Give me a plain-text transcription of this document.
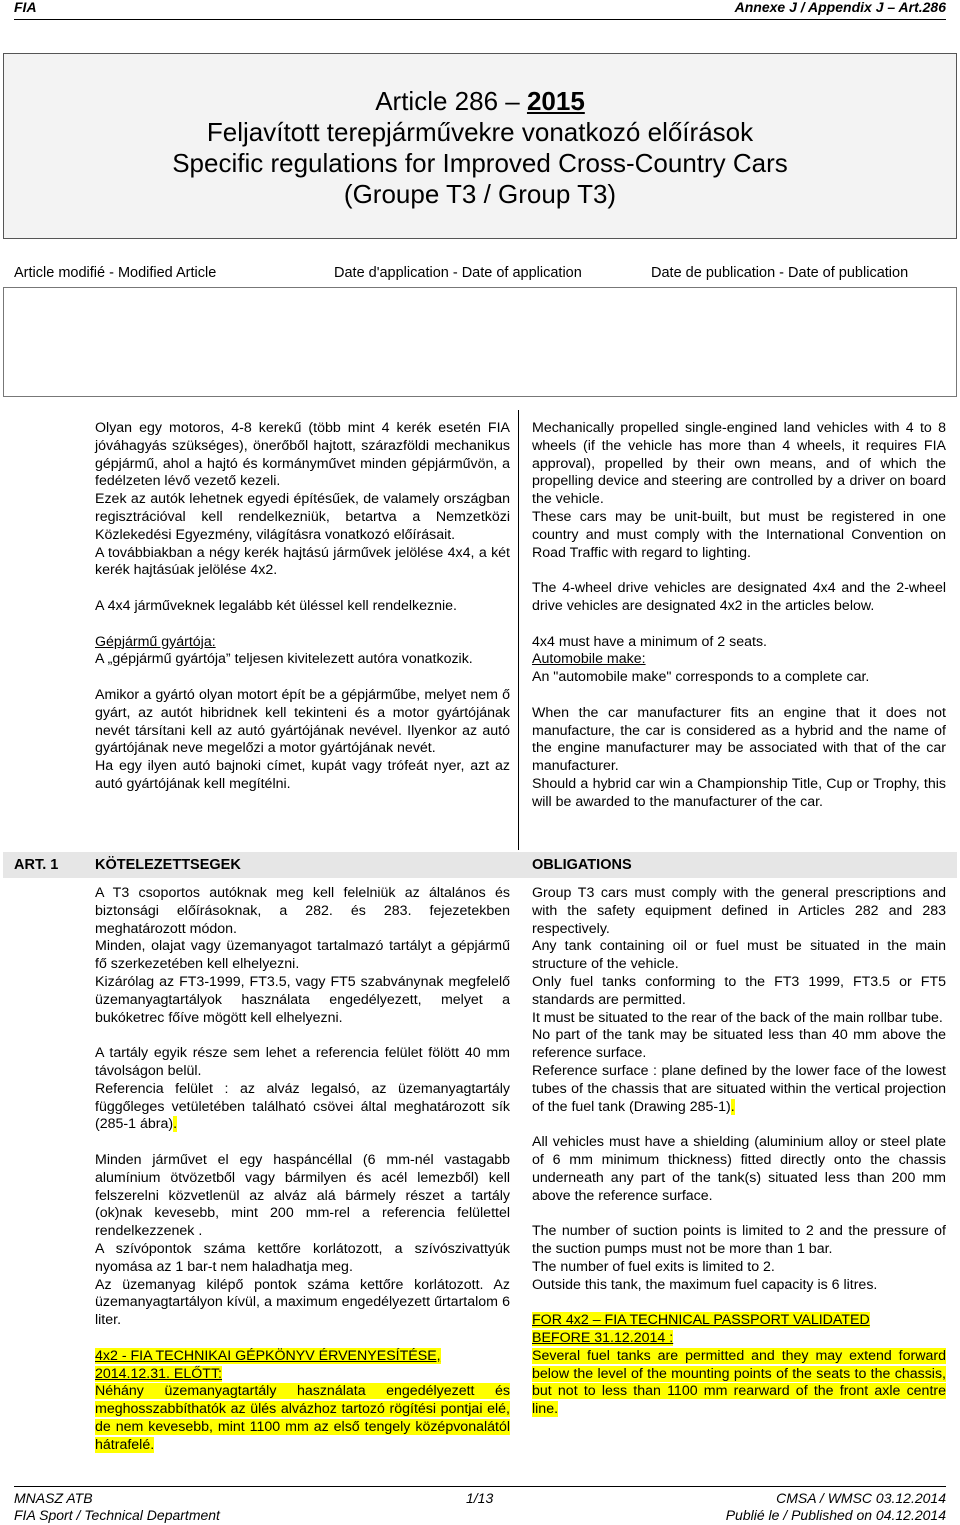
FIA	Annexe J / Appendix J – Art.286
Article 286 – 2015
Feljavított terepjárművekre vonatkozó előírások
Specific regulations for Improved Cross-Country Cars
(Groupe T3 / Group T3)
Article modifié - Modified Article	Date d'application - Date of application	Date de publication - Date of publication

Olyan egy motoros, 4-8 kerekű (több mint 4 kerék esetén FIA jóváhagyás szükséges), önerőből hajtott, szárazföldi mechanikus gépjármű, ahol a hajtó és kormányművet minden gépjárművön, a fedélzeten lévő vezető kezeli.

Ezek az autók lehetnek egyedi építésűek, de valamely országban regisztrációval kell rendelkezniük, betartva a Nemzetközi Közlekedési Egyezmény, világításra vonatkozó előírásait.

A továbbiakban a négy kerék hajtású járművek jelölése 4x4, a két kerék hajtásúak jelölése 4x2.

A 4x4 járműveknek legalább két üléssel kell rendelkeznie.

Gépjármű gyártója:

A „gépjármű gyártója” teljesen kivitelezett autóra vonatkozik.

Amikor a gyártó olyan motort épít be a gépjárműbe, melyet nem ő gyárt, az autót hibridnek kell tekinteni és a motor gyártójának nevét társítani kell az autó gyártójának nevével. Ilyenkor az autó gyártójának neve megelőzi a motor gyártójának nevét.

Ha egy ilyen autó bajnoki címet, kupát vagy trófeát nyer, azt az autó gyártójának kell megítélni.

Mechanically propelled single-engined land vehicles with 4 to 8 wheels (if the vehicle has more than 4 wheels, it requires FIA approval), propelled by their own means, and of which the propelling device and steering are controlled by a driver on board the vehicle.

These cars may be unit-built, but must be registered in one country and must comply with the International Convention on Road Traffic with regard to lighting.

The 4-wheel drive vehicles are designated 4x4 and the 2-wheel drive vehicles are designated 4x2 in the articles below.

4x4 must have a minimum of 2 seats.

Automobile make:

An "automobile make" corresponds to a complete car.

When the car manufacturer fits an engine that it does not manufacture, the car is considered as a hybrid and the name of the engine manufacturer may be associated with that of the car manufacturer.

Should a hybrid car win a Championship Title, Cup or Trophy, this will be awarded to the manufacturer of the car.

ART. 1	KÖTELEZETTSEGEK	OBLIGATIONS

A T3 csoportos autóknak meg kell felelniük az általános és biztonsági előírásoknak, a 282. és 283. fejezetekben meghatározott módon.

Minden, olajat vagy üzemanyagot tartalmazó tartályt a gépjármű fő szerkezetében kell elhelyezni.

Kizárólag az FT3-1999, FT3.5, vagy FT5 szabványnak megfelelő üzemanyagtartályok használata engedélyezett, melyet a bukóketrec főíve mögött kell elhelyezni.

A tartály egyik része sem lehet a referencia felület fölött 40 mm távolságon belül.

Referencia felület : az alváz legalsó, az üzemanyagtartály függőleges vetületében található csövei által meghatározott sík (285-1 ábra).

Minden járművet el egy haspáncéllal (6 mm-nél vastagabb alumínium ötvözetből vagy bármilyen és acél lemezből) kell felszerelni közvetlenül az alváz alá bármely részet a tartály (ok)nak kevesebb, mint 200 mm-rel a referencia felülettel rendelkezzenek .

A szívópontok száma kettőre korlátozott, a szívószivattyúk nyomása az 1 bar-t nem haladhatja meg.

Az üzemanyag kilépő pontok száma kettőre korlátozott. Az üzemanyagtartályon kívül, a maximum engedélyezett űrtartalom 6 liter.

4x2 - FIA TECHNIKAI GÉPKÖNYV ÉRVENYESÍTÉSE,

2014.12.31. ELŐTT:

Néhány üzemanyagtartály használata engedélyezett és meghosszabbíthatók az ülés alvázhoz tartozó rögítési pontjai elé, de nem kevesebb, mint 1100 mm az első tengely középvonalától hátrafelé.

Group T3 cars must comply with the general prescriptions and with the safety equipment defined in Articles 282 and 283 respectively.

Any tank containing oil or fuel must be situated in the main structure of the vehicle.

Only fuel tanks conforming to the FT3 1999, FT3.5 or FT5 standards are permitted.

It must be situated to the rear of the back of the main rollbar tube.

No part of the tank may be situated less than 40 mm above the reference surface.

Reference surface : plane defined by the lower face of the lowest tubes of the chassis that are situated within the vertical projection of the fuel tank (Drawing 285-1).

All vehicles must have a shielding (aluminium alloy or steel plate of 6 mm minimum thickness) fitted directly onto the chassis underneath any part of the tank(s) situated less than 200 mm above the reference surface.

The number of suction points is limited to 2 and the pressure of the suction pumps must not be more than 1 bar.

The number of fuel exits is limited to 2.

Outside this tank, the maximum fuel capacity is 6 litres.

FOR 4x2 – FIA TECHNICAL PASSPORT VALIDATED

BEFORE 31.12.2014 :

Several fuel tanks are permitted and they may extend forward below the level of the mounting points of the seats to the chassis, but not to less than 1100 mm rearward of the front axle centre line.

MNASZ ATB
FIA Sport / Technical Department
1/13	CMSA / WMSC 03.12.2014
Publié le / Published on 04.12.2014
